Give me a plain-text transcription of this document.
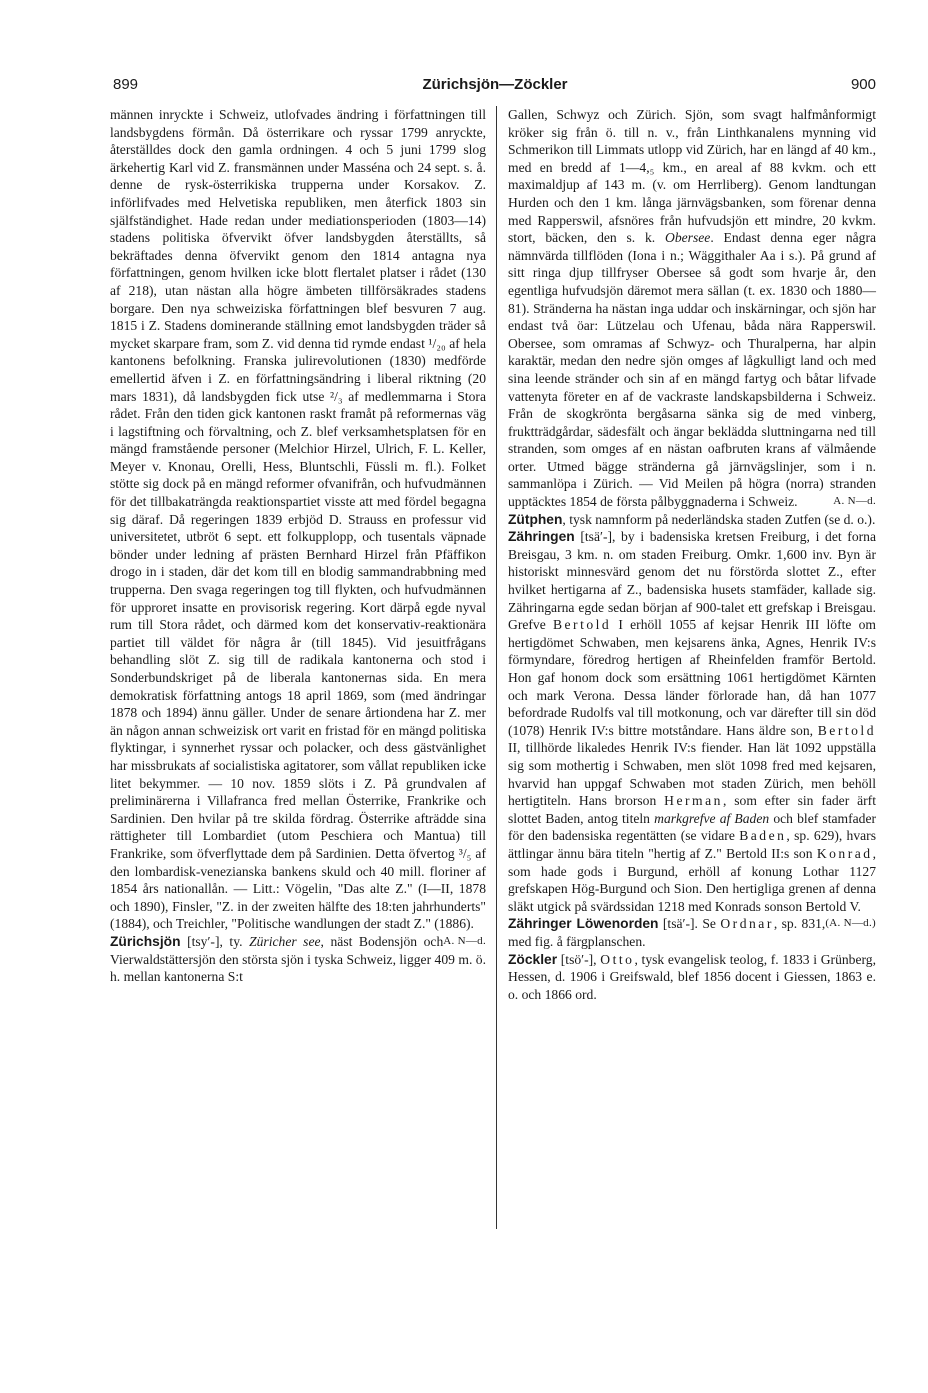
899	Zürichsjön—Zöckler	900

männen inryckte i Schweiz, utlofvades ändring i författningen till landsbygdens förmån. Då österrikare och ryssar 1799 anryckte, återställdes dock den gamla ordningen. 4 och 5 juni 1799 slog ärkehertig Karl vid Z. fransmännen under Masséna och 24 sept. s. å. denne de rysk-österrikiska trupperna under Korsakov. Z. införlifvades med Helvetiska republiken, men återfick 1803 sin själfständighet. Hade redan under mediationsperioden (1803—14) stadens politiska öfvervikt öfver landsbygden återställts, så bekräftades denna öfvervikt genom den 1814 antagna nya författningen, genom hvilken icke blott flertalet platser i rådet (130 af 218), utan nästan alla högre ämbeten tillförsäkrades stadens borgare. Den nya schweiziska författningen blef besvuren 7 aug. 1815 i Z. Stadens dominerande ställning emot landsbygden träder så mycket skarpare fram, som Z. vid denna tid rymde endast ¹/₂₀ af hela kantonens befolkning. Franska julirevolutionen (1830) medförde emellertid äfven i Z. en författningsändring i liberal riktning (20 mars 1831), då landsbygden fick utse ²/₃ af medlemmarna i Stora rådet. Från den tiden gick kantonen raskt framåt på reformernas väg i lagstiftning och förvaltning, och Z. blef verksamhetsplatsen för en mängd framstående personer (Melchior Hirzel, Ulrich, F. L. Keller, Meyer v. Knonau, Orelli, Hess, Bluntschli, Füssli m. fl.). Folket stötte sig dock på en mängd reformer ofvanifrån, och hufvudmännen för det tillbakaträngda reaktionspartiet visste att med fördel begagna sig däraf. Då regeringen 1839 erbjöd D. Strauss en professur vid universitetet, utbröt 6 sept. ett folkupplopp, och tusentals väpnade bönder under ledning af prästen Bernhard Hirzel från Pfäffikon drogo in i staden, där det kom till en blodig sammandrabbning med trupperna. Den svaga regeringen tog till flykten, och hufvudmännen för upproret insatte en provisorisk regering. Kort därpå egde nyval rum till Stora rådet, och därmed kom det konservativ-reaktionära partiet till väldet för några år (till 1845). Vid jesuitfrågans behandling slöt Z. sig till de radikala kantonerna och stod i Sonderbundskriget på de liberala kantonernas sida. En mera demokratisk författning antogs 18 april 1869, som (med ändringar 1878 och 1894) ännu gäller. Under de senare årtiondena har Z. mer än någon annan schweizisk ort varit en fristad för en mängd politiska flyktingar, i synnerhet ryssar och polacker, och dess gästvänlighet har missbrukats af socialistiska agitatorer, som vållat republiken icke litet bekymmer. — 10 nov. 1859 slöts i Z. På grundvalen af preliminärerna i Villafranca fred mellan Österrike, Frankrike och Sardinien. Den hvilar på tre skilda fördrag. Österrike afträdde sina rättigheter till Lombardiet (utom Peschiera och Mantua) till Frankrike, som öfverflyttade dem på Sardinien. Detta öfvertog ³/₅ af den lombardisk-venezianska bankens skuld och 40 mill. floriner af 1854 års nationallån. — Litt.: Vögelin, "Das alte Z." (I—II, 1878 och 1890), Finsler, "Z. in der zweiten hälfte des 18:ten jahrhunderts" (1884), och Treichler, "Politische wandlungen der stadt Z." (1886).
A. N—d.

Zürichsjön [tsy′-], ty. Züricher see, näst Bodensjön och Vierwaldstättersjön den största sjön i tyska Schweiz, ligger 409 m. ö. h. mellan kantonerna S:t

Gallen, Schwyz och Zürich. Sjön, som svagt halfmånformigt kröker sig från ö. till n. v., från Linthkanalens mynning vid Schmerikon till Limmats utlopp vid Zürich, har en längd af 40 km., med en bredd af 1—4,₅ km., en areal af 88 kvkm. och ett maximaldjup af 143 m. (v. om Herrliberg). Genom landtungan Hurden och den 1 km. långa järnvägsbanken, som förenar denna med Rapperswil, afsnöres från hufvudsjön ett mindre, 20 kvkm. stort, bäcken, den s. k. Obersee. Endast denna eger några nämnvärda tillflöden (Iona i n.; Wäggithaler Aa i s.). På grund af sitt ringa djup tillfryser Obersee så godt som hvarje år, den egentliga hufvudsjön däremot mera sällan (t. ex. 1830 och 1880—81). Stränderna ha nästan inga uddar och inskärningar, och sjön har endast två öar: Lützelau och Ufenau, båda nära Rapperswil. Obersee, som omramas af Schwyz- och Thuralperna, har alpin karaktär, medan den nedre sjön omges af lågkulligt land och med sina leende stränder och sin af en mängd fartyg och båtar lifvade vattenyta företer en af de vackraste landskapsbilderna i Schweiz. Från de skogkrönta bergåsarna sänka sig de med vinberg, fruktträdgårdar, sädesfält och ängar beklädda sluttningarna ned till stranden, som omges af en nästan oafbruten krans af välmående orter. Utmed bägge stränderna gå järnvägslinjer, som i n. sammanlöpa i Zürich. — Vid Meilen på högra (norra) stranden upptäcktes 1854 de första pålbyggnaderna i Schweiz.	A. N—d.

Zütphen, tysk namnform på nederländska staden Zutfen (se d. o.).

Zähringen [tsä′-], by i badensiska kretsen Freiburg, i det forna Breisgau, 3 km. n. om staden Freiburg. Omkr. 1,600 inv. Byn är historiskt minnesvärd genom det nu förstörda slottet Z., efter hvilket hertigarna af Z., badensiska husets stamfäder, kallade sig. Zähringarna egde sedan början af 900-talet ett grefskap i Breisgau. Grefve Bertold I erhöll 1055 af kejsar Henrik III löfte om hertigdömet Schwaben, men kejsarens änka, Agnes, Henrik IV:s förmyndare, föredrog hertigen af Rheinfelden framför Bertold. Hon gaf honom dock som ersättning 1061 hertigdömet Kärnten och mark Verona. Dessa länder förlorade han, då han 1077 befordrade Rudolfs val till motkonung, och var därefter till sin död (1078) Henrik IV:s bittre motståndare. Hans äldre son, Bertold II, tillhörde likaledes Henrik IV:s fiender. Han lät 1092 uppställa sig som mothertig i Schwaben, men slöt 1098 fred med kejsaren, hvarvid han uppgaf Schwaben mot staden Zürich, men behöll hertigtiteln. Hans brorson Herman, som efter sin fader ärft slottet Baden, antog titeln markgrefve af Baden och blef stamfader för den badensiska regentätten (se vidare Baden, sp. 629), hvars ättlingar ännu bära titeln "hertig af Z." Bertold II:s son Konrad, som hade gods i Burgund, erhöll af konung Lothar 1127 grefskapen Hög-Burgund och Sion. Den hertigliga grenen af denna släkt utgick på svärdssidan 1218 med Konrads sonson Bertold V.
(A. N—d.)

Zähringer Löwenorden [tsä′-]. Se Ordnar, sp. 831, med fig. å färgplanschen.

Zöckler [tsö′-], Otto, tysk evangelisk teolog, f. 1833 i Grünberg, Hessen, d. 1906 i Greifswald, blef 1856 docent i Giessen, 1863 e. o. och 1866 ord.
